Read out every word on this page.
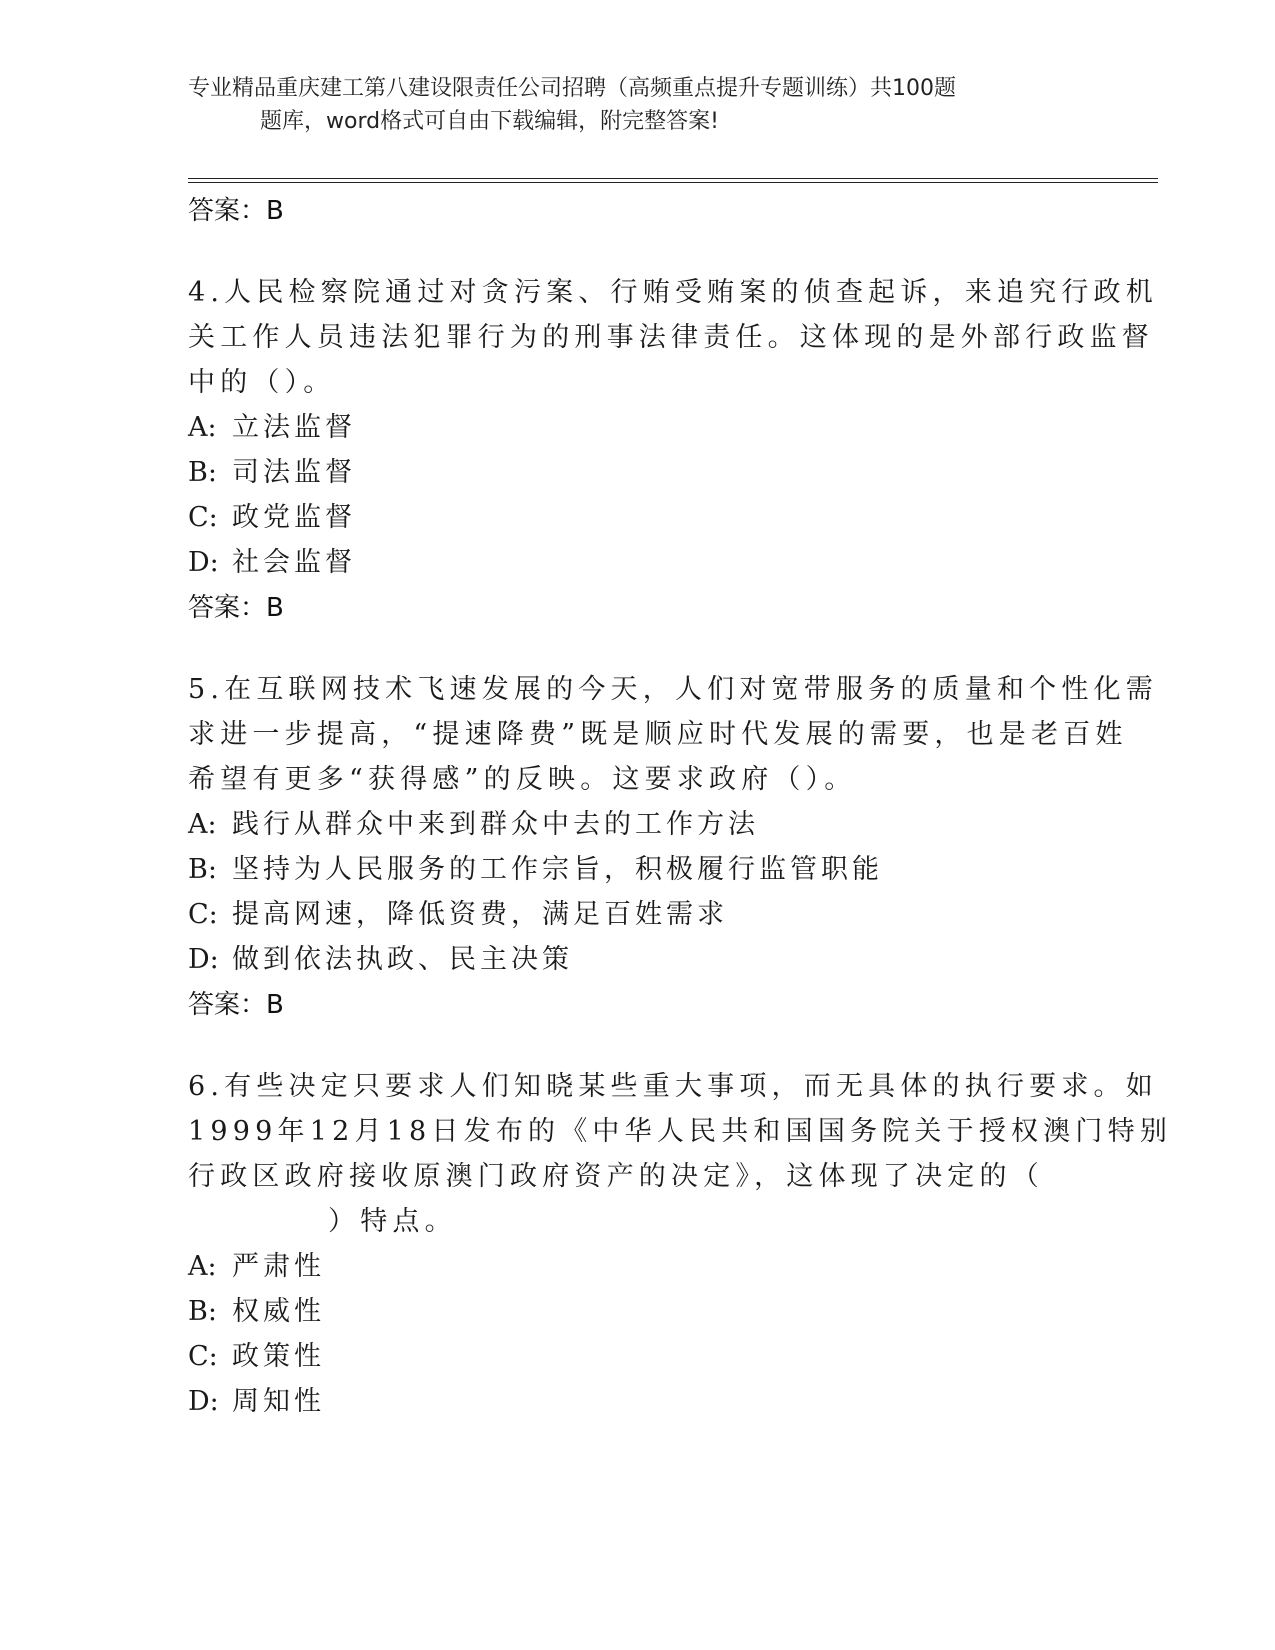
专业精品重庆建工第八建设限责任公司招聘（高频重点提升专题训练）共100题
题库，word格式可自由下载编辑，附完整答案!
答案：B
4.人民检察院通过对贪污案、行贿受贿案的侦查起诉，来追究行政机
关工作人员违法犯罪行为的刑事法律责任。这体现的是外部行政监督
中的（）。
A: 立法监督
B: 司法监督
C: 政党监督
D: 社会监督
答案：B
5.在互联网技术飞速发展的今天，人们对宽带服务的质量和个性化需
求进一步提高，“提速降费”既是顺应时代发展的需要，也是老百姓
希望有更多“获得感”的反映。这要求政府（）。
A: 践行从群众中来到群众中去的工作方法
B: 坚持为人民服务的工作宗旨，积极履行监管职能
C: 提高网速，降低资费，满足百姓需求
D: 做到依法执政、民主决策
答案：B
6.有些决定只要求人们知晓某些重大事项，而无具体的执行要求。如
1999年12月18日发布的《中华人民共和国国务院关于授权澳门特别
行政区政府接收原澳门政府资产的决定》，这体现了决定的（
）特点。
A: 严肃性
B: 权威性
C: 政策性
D: 周知性
